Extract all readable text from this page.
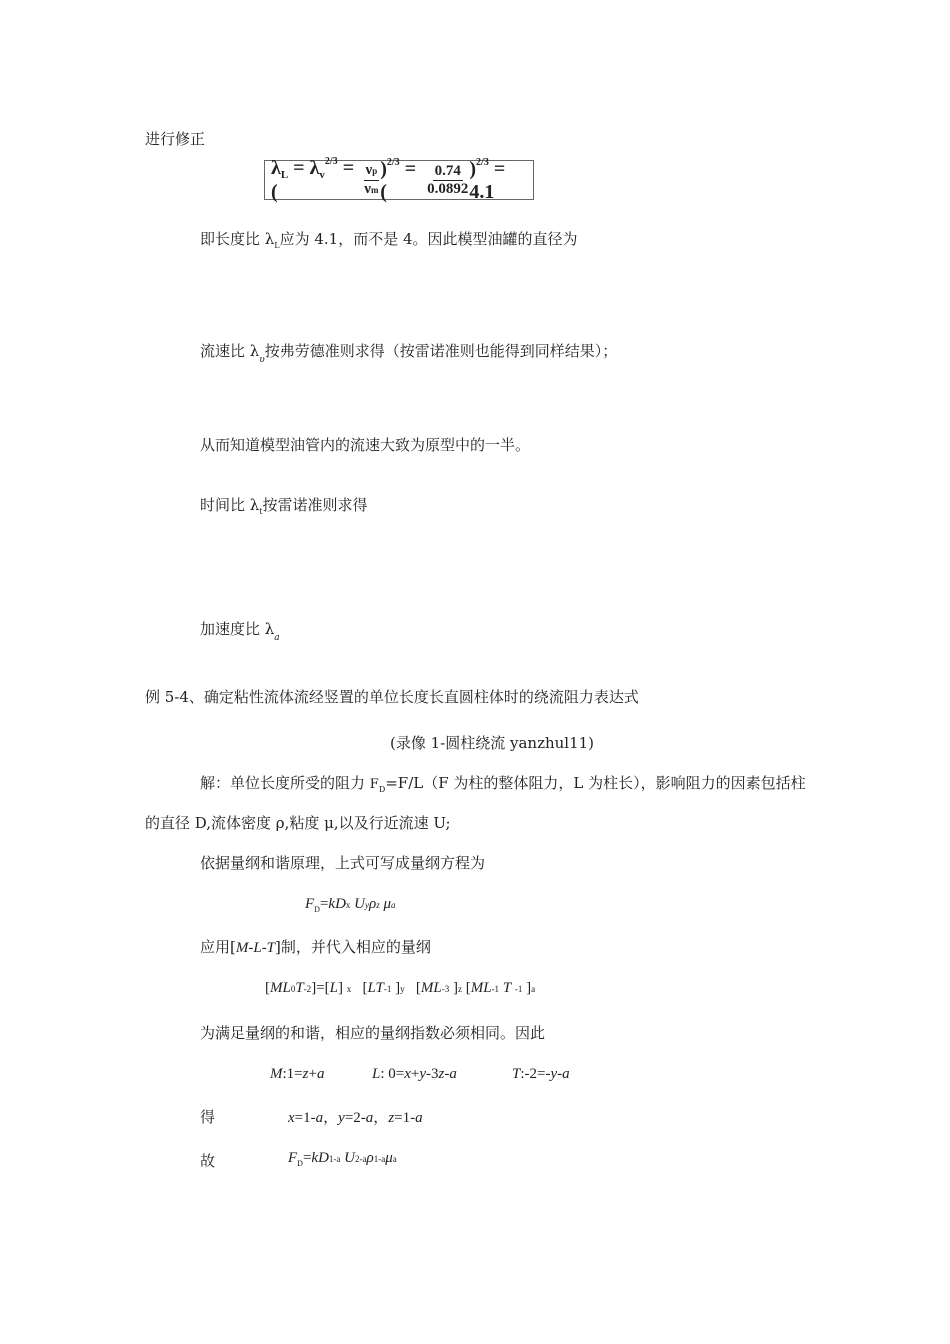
进行修正
$\lambda_L = \lambda_v^{2/3}$ = (	$\frac{\nu p}{\nu m} )^{2/3}$ = (	$\frac{0.74}{0.0892} )^{2/3} = 4.1$
即长度比 $\lambda_L$应为 4.1，而不是 4。因此模型油罐的直径为
流速比 $\lambda_\upsilon$按弗劳德准则求得（按雷诺准则也能得到同样结果）；
从而知道模型油管内的流速大致为原型中的一半。
时间比 $\lambda_t$按雷诺准则求得
加速度比 $\lambda_a$
例 5-4、确定粘性流体流经竖置的单位长度长直圆柱体时的绕流阻力表达式
(录像 1-圆柱绕流 yanzhul11)
解：单位长度所受的阻力 $F_D=F/L(F$ 为柱的整体阻力，L 为柱长），影响阻力的因素包括柱
的直径 D,流体密度 ρ,粘度 μ,以及行近流速 U;
依据量纲和谐原理，上式可写成量纲方程为
$F_D=kDx$ Uyρz μa
应用[M-L-T]制，并代入相应的量纲
[ML0T-2]=[L] x   [LT-1 ]y   [ML-3 ]z [ML-1 T -1 ]a
为满足量纲的和谐，相应的量纲指数必须相同。因此
M:1=z+a	L: 0=x+y-3z-a	T:-2=-y-a
得	x=1-a，y=2-a，z=1-a
故	$F_D=kD1-a$ U2-aρ1-aμa
